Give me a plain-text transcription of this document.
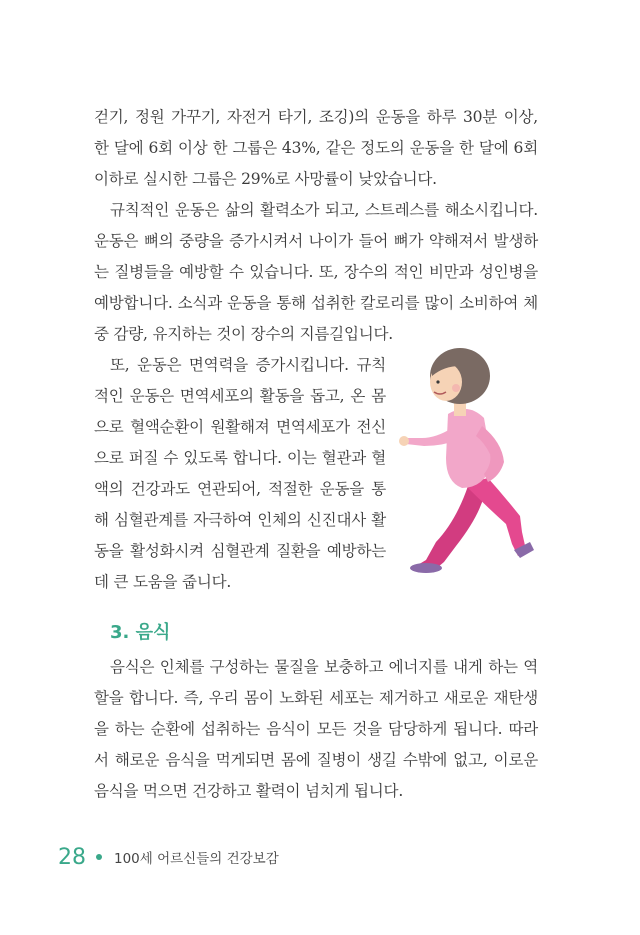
걷기, 정원 가꾸기, 자전거 타기, 조깅)의 운동을 하루 30분 이상, 한 달에 6회 이상 한 그룹은 43%, 같은 정도의 운동을 한 달에 6회 이하로 실시한 그룹은 29%로 사망률이 낮았습니다.

규칙적인 운동은 삶의 활력소가 되고, 스트레스를 해소시킵니다. 운동은 뼈의 중량을 증가시켜서 나이가 들어 뼈가 약해져서 발생하는 질병들을 예방할 수 있습니다. 또, 장수의 적인 비만과 성인병을 예방합니다. 소식과 운동을 통해 섭취한 칼로리를 많이 소비하여 체중 감량, 유지하는 것이 장수의 지름길입니다.

또, 운동은 면역력을 증가시킵니다. 규칙적인 운동은 면역세포의 활동을 돕고, 온 몸으로 혈액순환이 원활해져 면역세포가 전신으로 퍼질 수 있도록 합니다. 이는 혈관과 혈액의 건강과도 연관되어, 적절한 운동을 통해 심혈관계를 자극하여 인체의 신진대사 활동을 활성화시켜 심혈관계 질환을 예방하는데 큰 도움을 줍니다.

3. 음식

음식은 인체를 구성하는 물질을 보충하고 에너지를 내게 하는 역할을 합니다. 즉, 우리 몸이 노화된 세포는 제거하고 새로운 재탄생을 하는 순환에 섭취하는 음식이 모든 것을 담당하게 됩니다. 따라서 해로운 음식을 먹게되면 몸에 질병이 생길 수밖에 없고, 이로운 음식을 먹으면 건강하고 활력이 넘치게 됩니다.

28 100세 어르신들의 건강보감
